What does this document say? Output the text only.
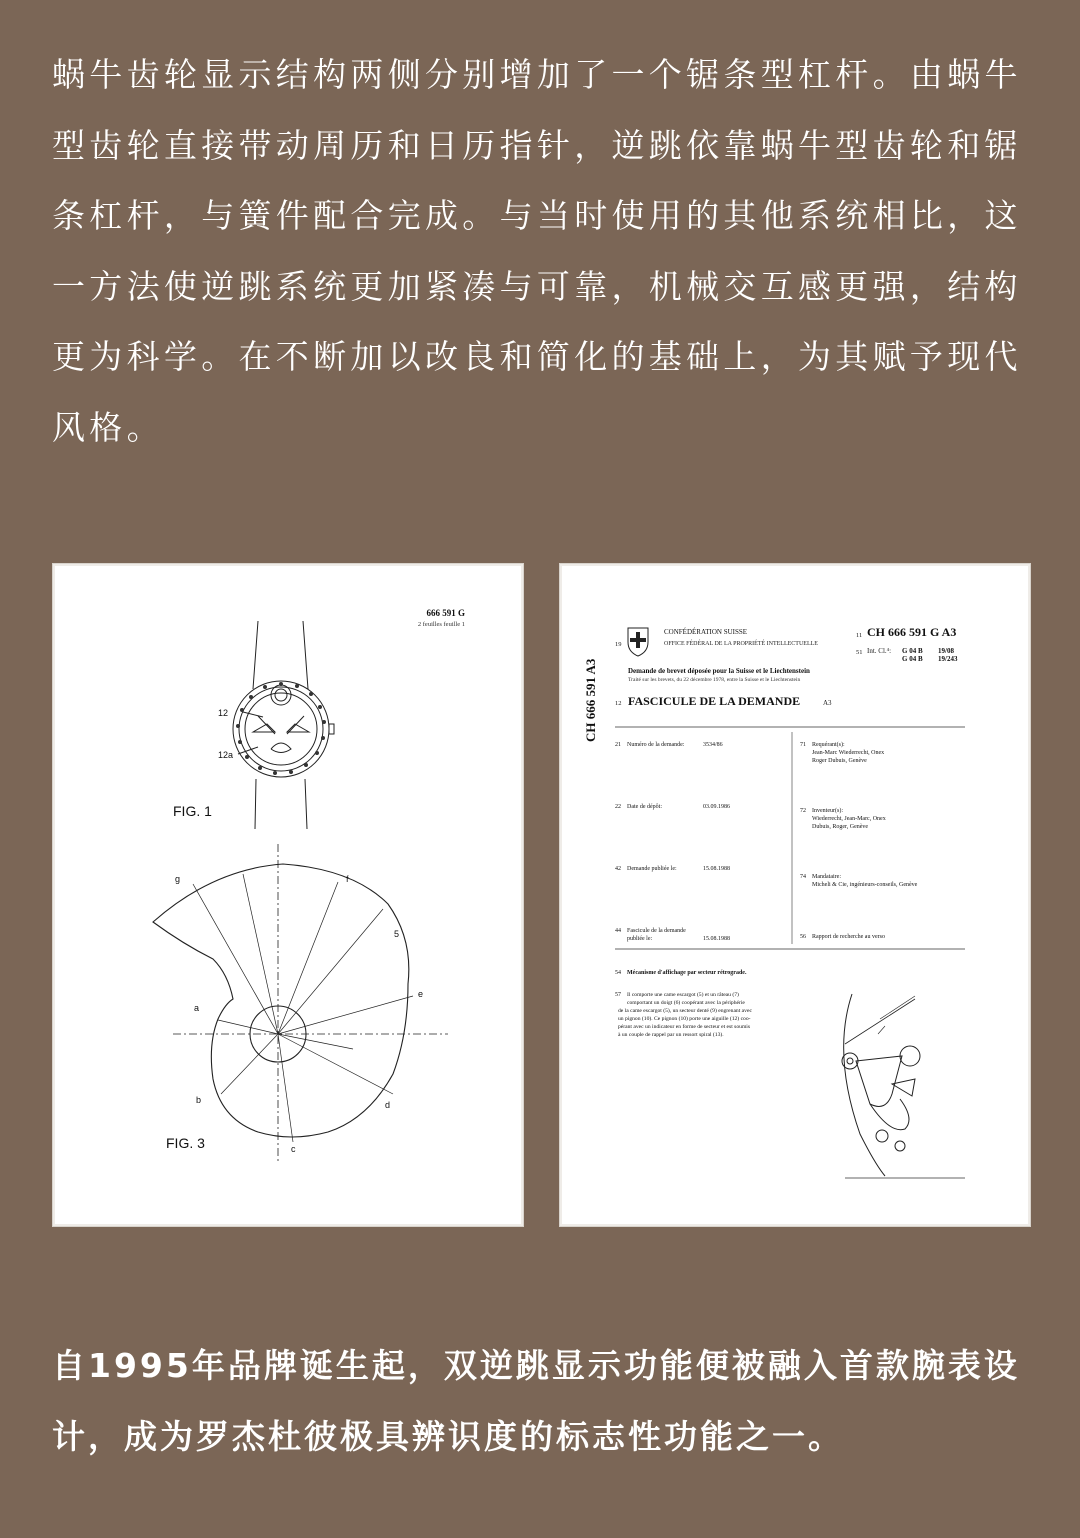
蜗牛齿轮显示结构两侧分别增加了一个锯条型杠杆。由蜗牛型齿轮直接带动周历和日历指针，逆跳依靠蜗牛型齿轮和锯条杠杆，与簧件配合完成。与当时使用的其他系统相比，这一方法使逆跳系统更加紧凑与可靠，机械交互感更强，结构更为科学。在不断加以改良和简化的基础上，为其赋予现代风格。

666 591 G
2 feuilles feuille 1
12
12a
FIG. 1
g	f
5
e
a
b	d
c
FIG. 3
CH 666 591 A3
19
CONFÉDÉRATION SUISSE
OFFICE FÉDÉRAL DE LA PROPRIÉTÉ INTELLECTUELLE
11 CH 666 591 G A3
51 Int. Cl.⁴: G 04 B 19/08
G 04 B 19/243
Demande de brevet déposée pour la Suisse et le Liechtenstein
Traité sur les brevets, du 22 décembre 1978, entre la Suisse et le Liechtenstein
12 FASCICULE DE LA DEMANDE	A3
21 Numéro de la demande:	3534/86
22 Date de dépôt:	03.09.1986
42 Demande publiée le:	15.08.1988
44 Fascicule de la demande
publiée le:	15.08.1988
71 Requérant(s):
Jean-Marc Wiederrecht, Onex
Roger Dubuis, Genève
72 Inventeur(s):
Wiederrecht, Jean-Marc, Onex
Dubuis, Roger, Genève
74 Mandataire:
Micheli & Cie, ingénieurs-conseils, Genève
56 Rapport de recherche au verso
54 Mécanisme d'affichage par secteur rétrograde.
57 Il comporte une came escargot (5) et un râteau (7)
comportant un doigt (6) coopérant avec la périphérie
de la came escargot (5), un secteur denté (9) engrenant avec
un pignon (10). Ce pignon (10) porte une aiguille (12) coo-
pérant avec un indicateur en forme de secteur et est soumis
à un couple de rappel par un ressort spiral (13).

自1995年品牌诞生起，双逆跳显示功能便被融入首款腕表设计，成为罗杰杜彼极具辨识度的标志性功能之一。
